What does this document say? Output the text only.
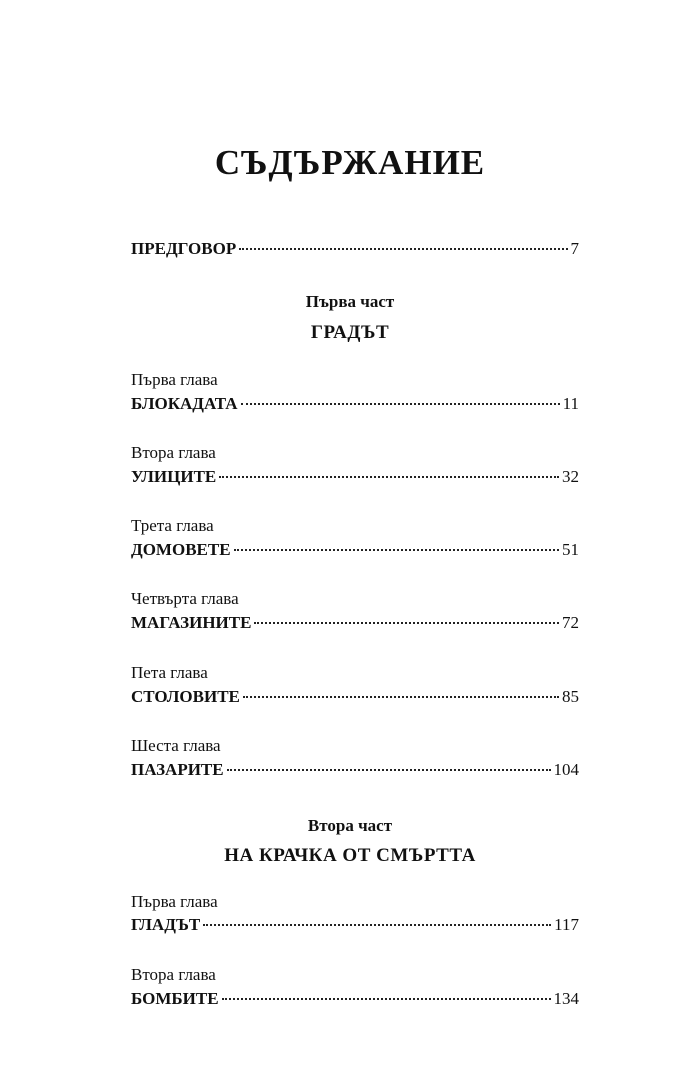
СЪДЪРЖАНИЕ
ПРЕДГОВОР	7
Първа част
ГРАДЪТ
Първа глава
БЛОКАДАТА	11
Втора глава
УЛИЦИТЕ	32
Трета глава
ДОМОВЕТЕ	51
Четвърта глава
МАГАЗИНИТЕ	72
Пета глава
СТОЛОВИТЕ	85
Шеста глава
ПАЗАРИТЕ	104
Втора част
НА КРАЧКА ОТ СМЪРТТА
Първа глава
ГЛАДЪТ	117
Втора глава
БОМБИТЕ	134
